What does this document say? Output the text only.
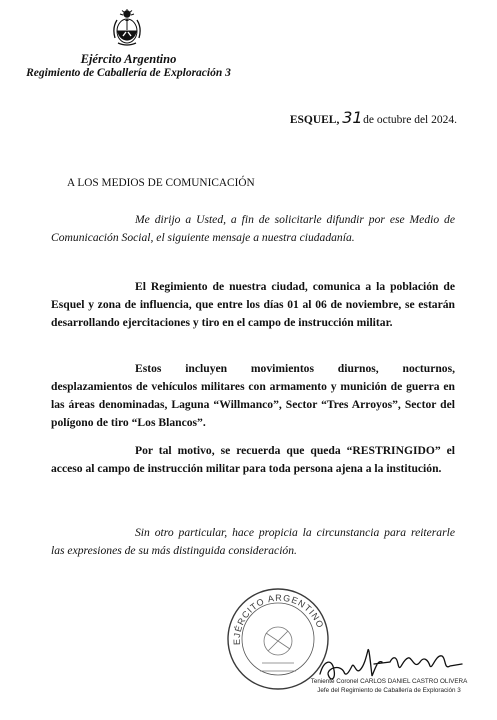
Ejército Argentino
Regimiento de Caballería de Exploración 3
ESQUEL, 31 de octubre del 2024.
A LOS MEDIOS DE COMUNICACIÓN
Me dirijo a Usted, a fin de solicitarle difundir por ese Medio de Comunicación Social, el siguiente mensaje a nuestra ciudadanía.
El Regimiento de nuestra ciudad, comunica a la población de Esquel y zona de influencia, que entre los días 01 al 06 de noviembre, se estarán desarrollando ejercitaciones y tiro en el campo de instrucción militar.
Estos incluyen movimientos diurnos, nocturnos, desplazamientos de vehículos militares con armamento y munición de guerra en las áreas denominadas, Laguna “Willmanco”, Sector “Tres Arroyos”, Sector del polígono de tiro “Los Blancos”.
Por tal motivo, se recuerda que queda “RESTRINGIDO” el acceso al campo de instrucción militar para toda persona ajena a la institución.
Sin otro particular, hace propicia la circunstancia para reiterarle las expresiones de su más distinguida consideración.
EJÉRCITO ARGENTINO
Teniente Coronel CARLOS DANIEL CASTRO OLIVERA
Jefe del Regimiento de Caballería de Exploración 3
